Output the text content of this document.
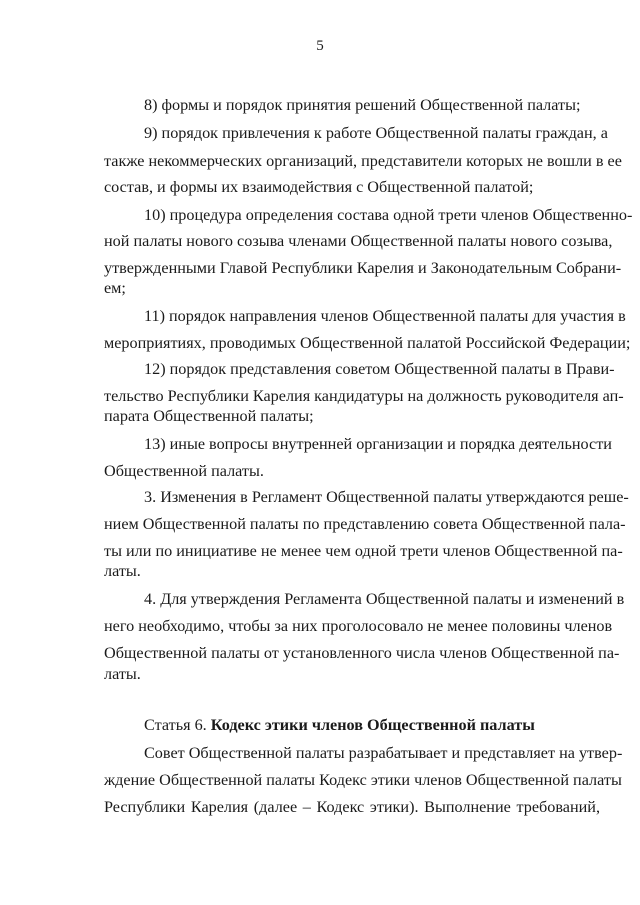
5
8) формы и порядок принятия решений Общественной палаты;
9) порядок привлечения к работе Общественной палаты граждан, а
также некоммерческих организаций, представители которых не вошли в ее
состав, и формы их взаимодействия с Общественной палатой;
10) процедура определения состава одной трети членов Общественно-
ной палаты нового созыва членами Общественной палаты нового созыва,
утвержденными Главой Республики Карелия и Законодательным Собрани-
ем;
11) порядок направления членов Общественной палаты для участия в
мероприятиях, проводимых Общественной палатой Российской Федерации;
12) порядок представления советом Общественной палаты в Прави-
тельство Республики Карелия кандидатуры на должность руководителя ап-
парата Общественной палаты;
13) иные вопросы внутренней организации и порядка деятельности
Общественной палаты.
3. Изменения в Регламент Общественной палаты утверждаются реше-
нием Общественной палаты по представлению совета Общественной пала-
ты или по инициативе не менее чем одной трети членов Общественной па-
латы.
4. Для утверждения Регламента Общественной палаты и изменений в
него необходимо, чтобы за них проголосовало не менее половины членов
Общественной палаты от установленного числа членов Общественной па-
латы.
Статья 6. Кодекс этики членов Общественной палаты
Совет Общественной палаты разрабатывает и представляет на утвер-
ждение Общественной палаты Кодекс этики членов Общественной палаты
Республики Карелия (далее – Кодекс этики). Выполнение требований,
